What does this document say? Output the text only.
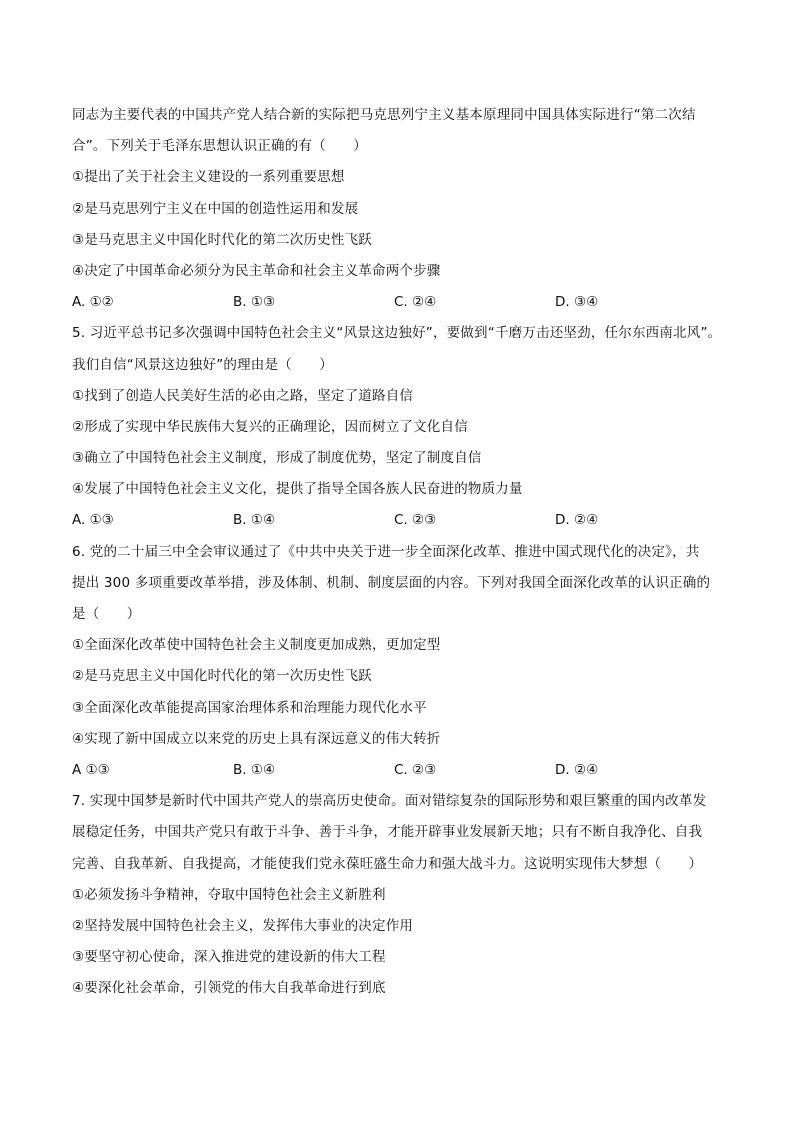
同志为主要代表的中国共产党人结合新的实际把马克思列宁主义基本原理同中国具体实际进行“第二次结
合”。下列关于毛泽东思想认识正确的有（　　）
①提出了关于社会主义建设的一系列重要思想
②是马克思列宁主义在中国的创造性运用和发展
③是马克思主义中国化时代化的第二次历史性飞跃
④决定了中国革命必须分为民主革命和社会主义革命两个步骤
A. ①②	B. ①③	C. ②④	D. ③④
5. 习近平总书记多次强调中国特色社会主义“风景这边独好”，要做到“千磨万击还坚劲，任尔东西南北风”。
我们自信“风景这边独好”的理由是（　　）
①找到了创造人民美好生活的必由之路，坚定了道路自信
②形成了实现中华民族伟大复兴的正确理论，因而树立了文化自信
③确立了中国特色社会主义制度，形成了制度优势，坚定了制度自信
④发展了中国特色社会主义文化，提供了指导全国各族人民奋进的物质力量
A. ①③	B. ①④	C. ②③	D. ②④
6. 党的二十届三中全会审议通过了《中共中央关于进一步全面深化改革、推进中国式现代化的决定》，共
提出 300 多项重要改革举措，涉及体制、机制、制度层面的内容。下列对我国全面深化改革的认识正确的
是（　　）
①全面深化改革使中国特色社会主义制度更加成熟，更加定型
②是马克思主义中国化时代化的第一次历史性飞跃
③全面深化改革能提高国家治理体系和治理能力现代化水平
④实现了新中国成立以来党的历史上具有深远意义的伟大转折
A ①③	B. ①④	C. ②③	D. ②④
7. 实现中国梦是新时代中国共产党人的崇高历史使命。面对错综复杂的国际形势和艰巨繁重的国内改革发
展稳定任务，中国共产党只有敢于斗争、善于斗争，才能开辟事业发展新天地；只有不断自我净化、自我
完善、自我革新、自我提高，才能使我们党永葆旺盛生命力和强大战斗力。这说明实现伟大梦想（　　）
①必须发扬斗争精神，夺取中国特色社会主义新胜利
②坚持发展中国特色社会主义，发挥伟大事业的决定作用
③要坚守初心使命，深入推进党的建设新的伟大工程
④要深化社会革命，引领党的伟大自我革命进行到底
